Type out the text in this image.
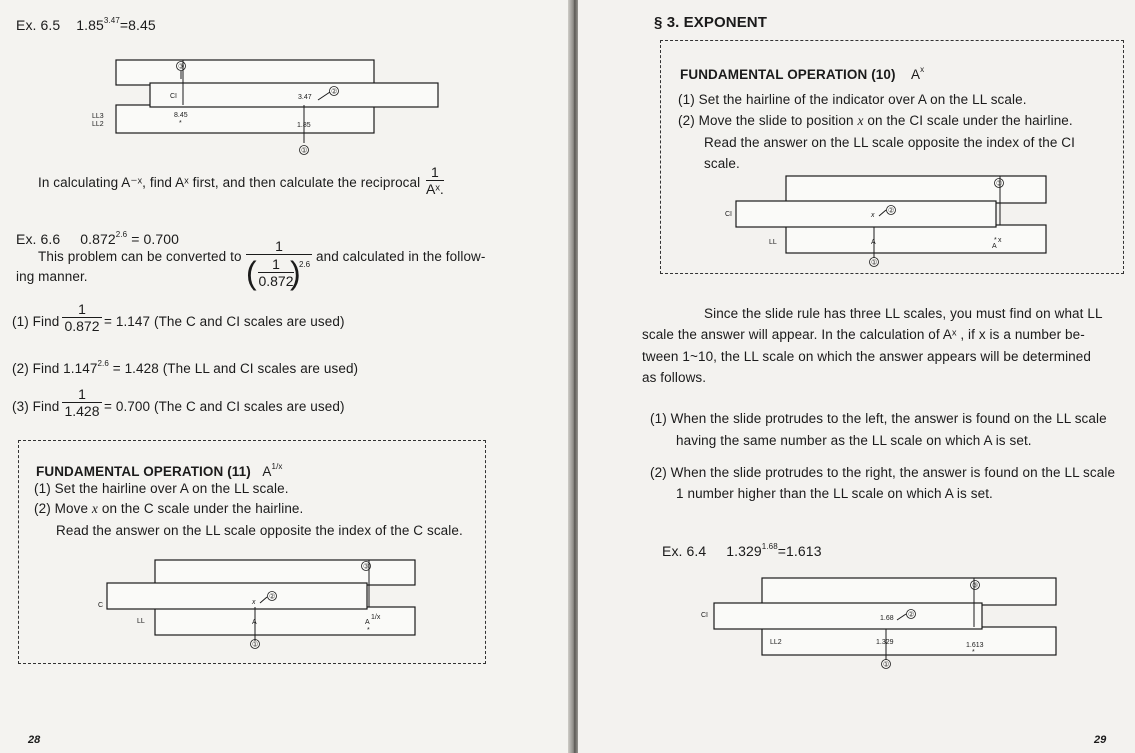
Ex. 6.5 $1.85^{3.47}=8.45$
③
CI	3.47
②
LL3
LL2
8.45
*	1.85
①
In calculating A⁻ˣ, find Aˣ first, and then calculate the reciprocal $\frac{1}{\text{Aˣ.}}$
Ex. 6.6 $0.872^{2.6} = 0.700$
This problem can be converted to 1
( $\frac{1}{0.872}$
)
2.6 and calculated in the follow-
ing manner.
(1) Find $\frac{1}{0.872} = 1.147$ (The C and CI scales are used)
(2) Find $1.147^{2.6} = 1.428$ (The LL and CI scales are used)
(3) Find $\frac{1}{1.428} = 0.700$ (The C and CI scales are used)
FUNDAMENTAL OPERATION (11) $A^{1/x}$
(1) Set the hairline over A on the LL scale.
(2) Move x on the C scale under the hairline.
Read the answer on the LL scale opposite the index of the C scale.
③
C	x
②
LL	A	A
1/x
*
①
28
§ 3. EXPONENT
FUNDAMENTAL OPERATION (10) $A^x$
(1) Set the hairline of the indicator over A on the LL scale.
(2) Move the slide to position x on the CI scale under the hairline.
Read the answer on the LL scale opposite the index of the CI
scale.
③
CI	x
②
LL	A
A
x
*
①
Since the slide rule has three LL scales, you must find on what LL
scale the answer will appear. In the calculation of Aˣ , if x is a number be-
tween 1~10, the LL scale on which the answer appears will be determined
as follows.
(1) When the slide protrudes to the left, the answer is found on the LL scale
having the same number as the LL scale on which A is set.
(2) When the slide protrudes to the right, the answer is found on the LL scale
1 number higher than the LL scale on which A is set.
Ex. 6.4 $1.329^{1.68}=1.613$
③
CI	1.68 ②
LL2	1.329	1.613
*
①
29
